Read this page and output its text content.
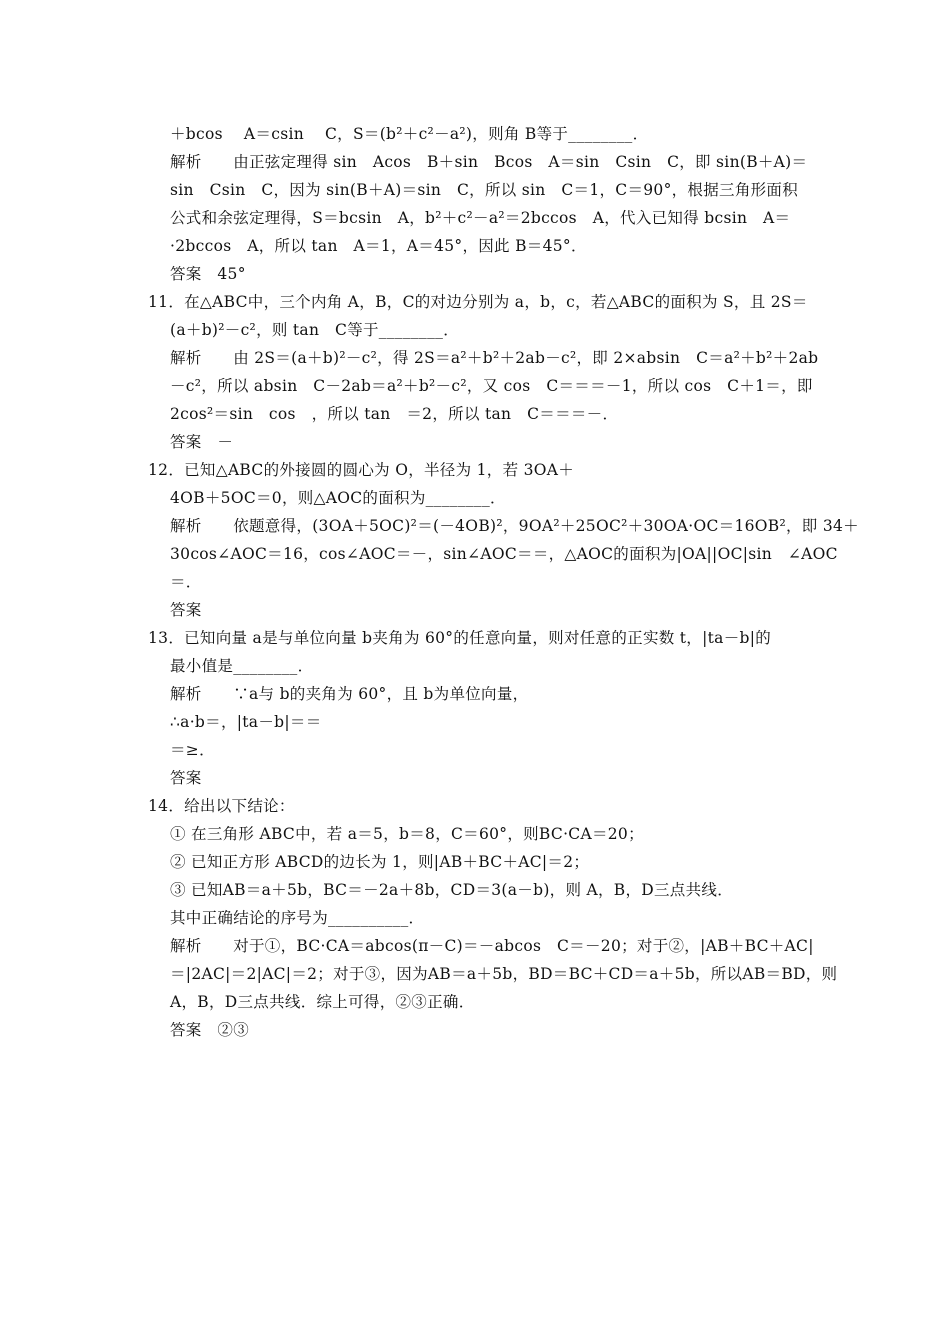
＋bcos　 A＝csin　 C，S＝(b²＋c²－a²)，则角 B等于________．
解析　　由正弦定理得 sin　Acos　B＋sin　Bcos　A＝sin　Csin　C，即 sin(B＋A)＝
sin　Csin　C，因为 sin(B＋A)＝sin　C，所以 sin　C＝1，C＝90°，根据三角形面积
公式和余弦定理得，S＝bcsin　A，b²＋c²－a²＝2bccos　A，代入已知得 bcsin　A＝
·2bccos　A，所以 tan　A＝1，A＝45°，因此 B＝45°．
答案　45°
11．在△ABC中，三个内角 A，B，C的对边分别为 a，b，c，若△ABC的面积为 S，且 2S＝
(a＋b)²－c²，则 tan　C等于________．
解析　　由 2S＝(a＋b)²－c²，得 2S＝a²＋b²＋2ab－c²，即 2×absin　C＝a²＋b²＋2ab
－c²，所以 absin　C－2ab＝a²＋b²－c²，又 cos　C＝＝＝－1，所以 cos　C＋1＝，即
2cos²＝sin　cos　，所以 tan　＝2，所以 tan　C＝＝＝－．
答案　－
12．已知△ABC的外接圆的圆心为 O，半径为 1，若 3OA＋
4OB＋5OC＝0，则△AOC的面积为________．
解析　　依题意得，(3OA＋5OC)²＝(－4OB)²，9OA²＋25OC²＋30OA·OC＝16OB²，即 34＋
30cos∠AOC＝16，cos∠AOC＝－，sin∠AOC＝＝，△AOC的面积为|OA||OC|sin　∠AOC
＝．
答案
13．已知向量 a是与单位向量 b夹角为 60°的任意向量，则对任意的正实数 t，|ta－b|的
最小值是________．
解析　　∵a与 b的夹角为 60°，且 b为单位向量，
∴a·b＝，|ta－b|＝＝
＝≥．
答案
14．给出以下结论：
① 在三角形 ABC中，若 a＝5，b＝8，C＝60°，则BC·CA＝20；
② 已知正方形 ABCD的边长为 1，则|AB＋BC＋AC|＝2；
③ 已知AB＝a＋5b，BC＝－2a＋8b，CD＝3(a－b)，则 A，B，D三点共线．
其中正确结论的序号为__________．
解析　　对于①，BC·CA＝abcos(π－C)＝－abcos　C＝－20；对于②，|AB＋BC＋AC|
＝|2AC|＝2|AC|＝2；对于③，因为AB＝a＋5b，BD＝BC＋CD＝a＋5b，所以AB＝BD，则
A，B，D三点共线．综上可得，②③正确．
答案　②③
